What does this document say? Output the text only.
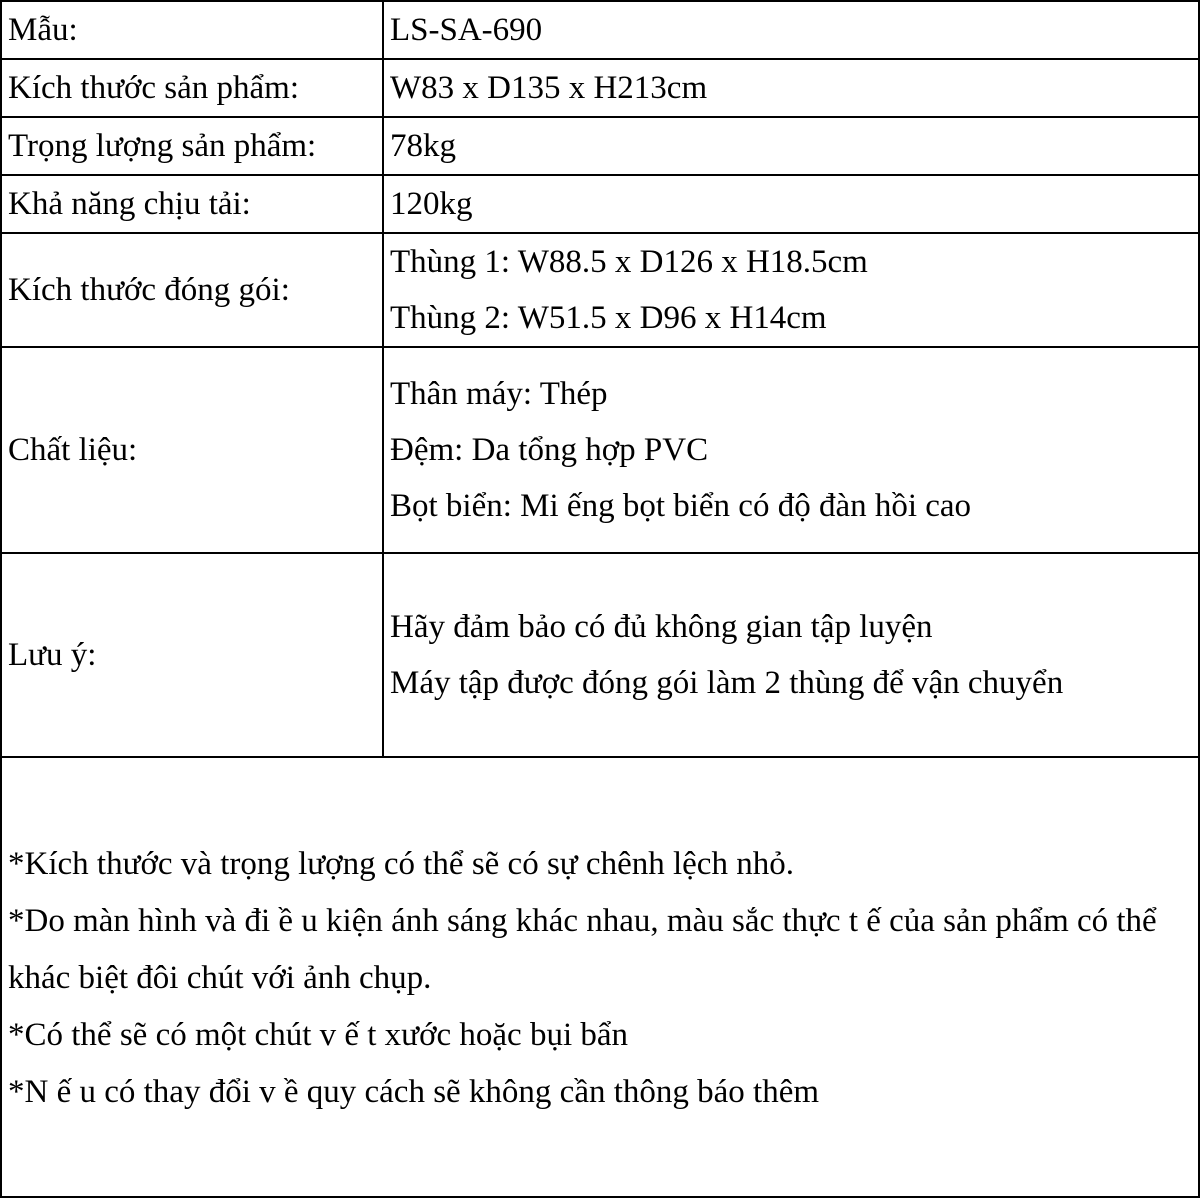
Mẫu:	LS-SA-690

Kích thước sản phẩm:	W83 x D135 x H213cm

Trọng lượng sản phẩm:	78kg

Khả năng chịu tải:	120kg

Kích thước đóng gói:	Thùng 1: W88.5 x D126 x H18.5cm
Thùng 2: W51.5 x D96 x H14cm

Chất liệu:	Thân máy: Thép
Đệm: Da tổng hợp PVC
Bọt biển: Mi ếng bọt biển có độ đàn hồi cao

Lưu ý:	Hãy đảm bảo có đủ không gian tập luyện
Máy tập được đóng gói làm 2 thùng để vận chuyển
*Kích thước và trọng lượng có thể sẽ có sự chênh lệch nhỏ.
*Do màn hình và đi ề u kiện ánh sáng khác nhau, màu sắc thực t ế của sản phẩm có thể
khác biệt đôi chút với ảnh chụp.
*Có thể sẽ có một chút v ế t xước hoặc bụi bẩn
*N ế u có thay đổi v ề quy cách sẽ không cần thông báo thêm
